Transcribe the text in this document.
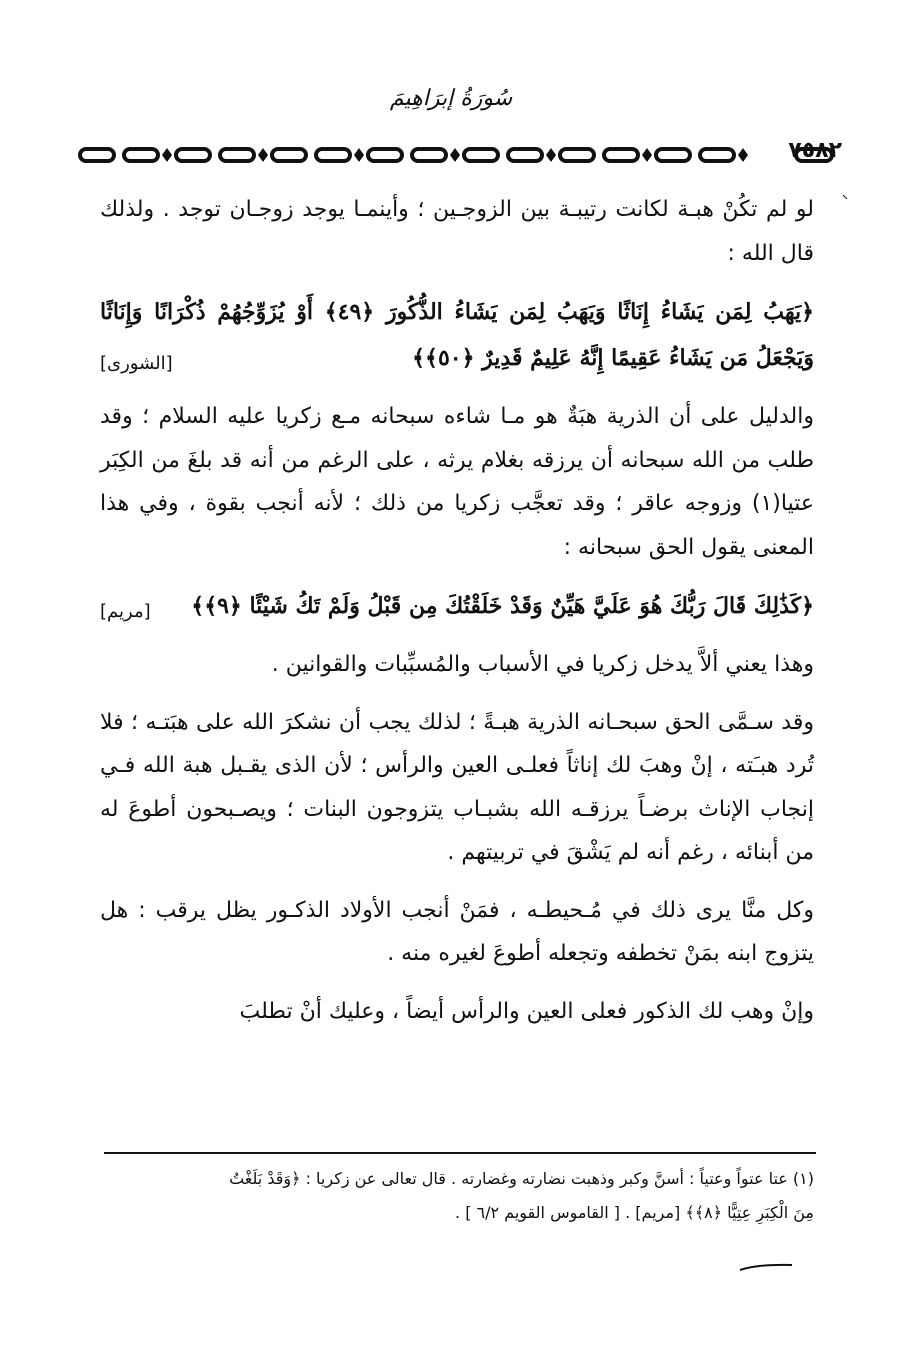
سُورَةُ إبرَاهِيمَ
٧٥٨٢

لو لم تكُنْ هبـة لكانت رتيبـة بين الزوجـين ؛ وأينمـا يوجد زوجـان توجد . ولذلك قال الله :

﴿يَهَبُ لِمَن يَشَاءُ إِنَاثًا وَيَهَبُ لِمَن يَشَاءُ الذُّكُورَ ﴿٤٩﴾ أَوْ يُزَوِّجُهُمْ ذُكْرَانًا وَإِنَاثًا وَيَجْعَلُ مَن يَشَاءُ عَقِيمًا إِنَّهُ عَلِيمٌ قَدِيرٌ ﴿٥٠﴾﴾
[الشورى]

والدليل على أن الذرية هبَةٌ هو مـا شاءه سبحانه مـع زكريا عليه السلام ؛ وقد طلب من الله سبحانه أن يرزقه بغلام يرثه ، على الرغم من أنه قد بلغَ من الكِبَر عتيا(١) وزوجه عاقر ؛ وقد تعجَّب زكريا من ذلك ؛ لأنه أنجب بقوة ، وفي هذا المعنى يقول الحق سبحانه :

﴿كَذَٰلِكَ قَالَ رَبُّكَ هُوَ عَلَيَّ هَيِّنٌ وَقَدْ خَلَقْتُكَ مِن قَبْلُ وَلَمْ تَكُ شَيْئًا ﴿٩﴾﴾
[مريم]

وهذا يعني ألاَّ يدخل زكريا في الأسباب والمُسبِّبات والقوانين .

وقد سـمَّى الحق سبحـانه الذرية هبـةً ؛ لذلك يجب أن نشكرَ الله على هبَتـه ؛ فلا تُرد هبـَته ، إنْ وهبَ لك إناثاً فعلـى العين والرأس ؛ لأن الذى يقـبل هبة الله فـي إنجاب الإناث برضـاً يرزقـه الله بشبـاب يتزوجون البنات ؛ ويصـبحون أطوعَ له من أبنائه ، رغم أنه لم يَشْقَ في تربيتهم .

وكل منَّا يرى ذلك في مُـحيطـه ، فمَنْ أنجب الأولاد الذكـور يظل يرقب : هل يتزوج ابنه بمَنْ تخطفه وتجعله أطوعَ لغيره منه .

وإنْ وهب لك الذكور فعلى العين والرأس أيضاً ، وعليك أنْ تطلبَ

(١) عتا عتواً وعتياً : أسنَّ وكبر وذهبت نضارته وغضارته . قال تعالى عن زكريا : ﴿وَقَدْ بَلَغْتُ
مِنَ الْكِبَرِ عِتِيًّا ﴿٨﴾﴾ [مريم] . [ القاموس القويم ٦/٢ ] .
